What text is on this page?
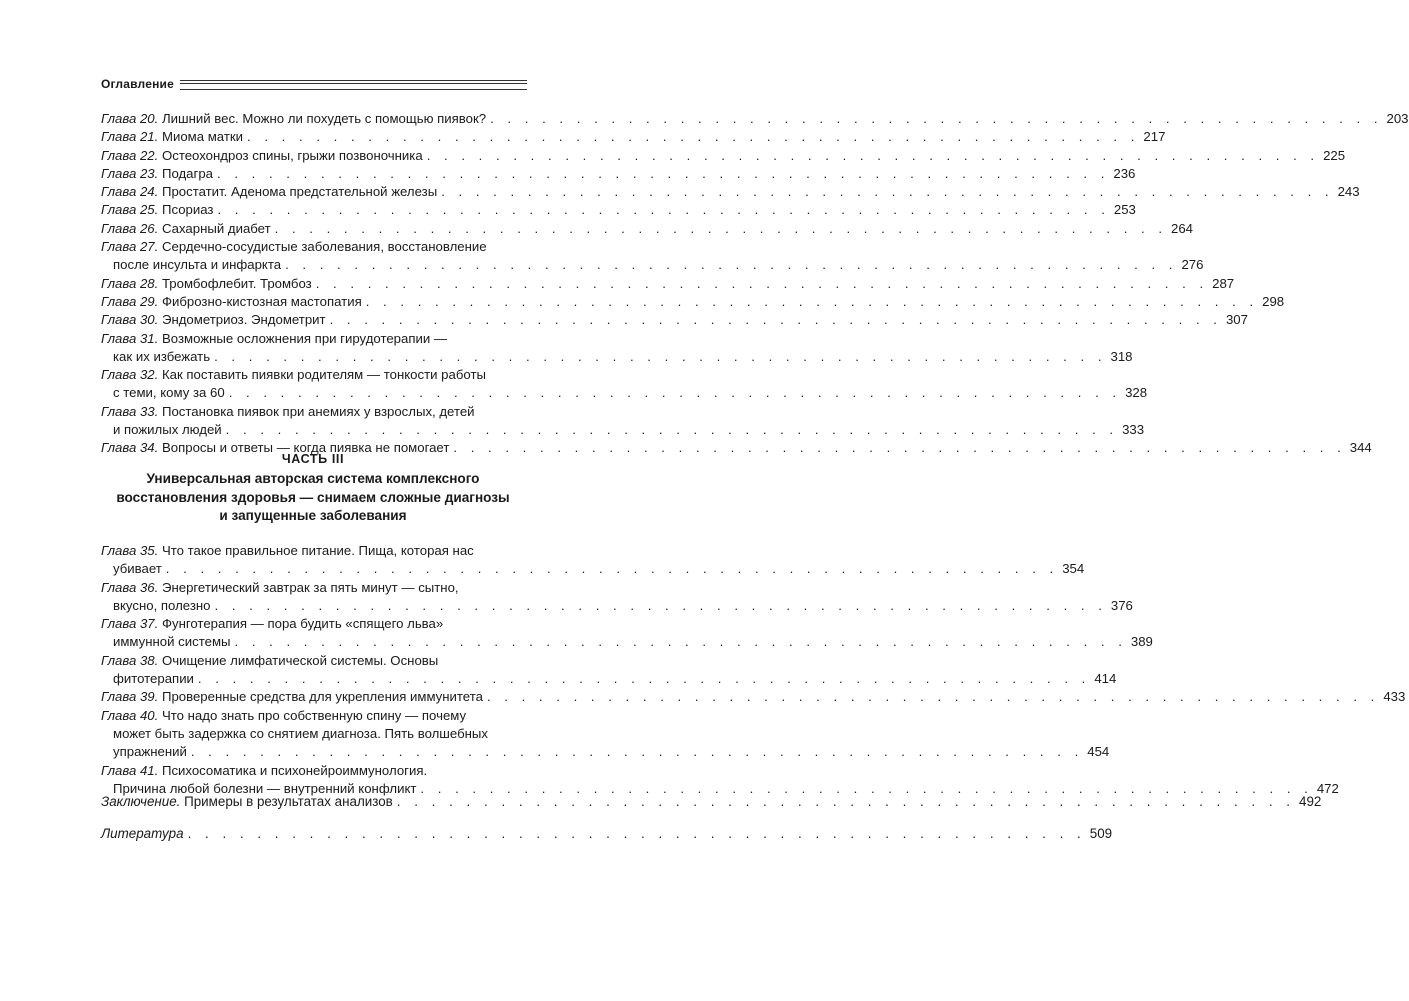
Оглавление
Глава 20. Лишний вес. Можно ли похудеть с помощью пиявок? . . . . . . . . . . . . . . . . . . . . . . . . . . . . . . . . . . . . . . . . . . . . . . . . . . . . 203
Глава 21. Миома матки . . . . . . . . . . . . . . . . . . . . . . . . . . . . . . . . . . . . . . . . . . . . . . . . . . . . 217
Глава 22. Остеохондроз спины, грыжи позвоночника . . . . . . . . . . . . . . . . . . . . . . . . . . . . . . . . . . . . . . . . . . . . . . . . . . . . 225
Глава 23. Подагра . . . . . . . . . . . . . . . . . . . . . . . . . . . . . . . . . . . . . . . . . . . . . . . . . . . . 236
Глава 24. Простатит. Аденома предстательной железы . . . . . . . . . . . . . . . . . . . . . . . . . . . . . . . . . . . . . . . . . . . . . . . . . . . . 243
Глава 25. Псориаз . . . . . . . . . . . . . . . . . . . . . . . . . . . . . . . . . . . . . . . . . . . . . . . . . . . . 253
Глава 26. Сахарный диабет . . . . . . . . . . . . . . . . . . . . . . . . . . . . . . . . . . . . . . . . . . . . . . . . . . . . 264
Глава 27. Сердечно-сосудистые заболевания, восстановление
после инсульта и инфаркта . . . . . . . . . . . . . . . . . . . . . . . . . . . . . . . . . . . . . . . . . . . . . . . . . . . . 276
Глава 28. Тромбофлебит. Тромбоз . . . . . . . . . . . . . . . . . . . . . . . . . . . . . . . . . . . . . . . . . . . . . . . . . . . . 287
Глава 29. Фиброзно-кистозная мастопатия . . . . . . . . . . . . . . . . . . . . . . . . . . . . . . . . . . . . . . . . . . . . . . . . . . . . 298
Глава 30. Эндометриоз. Эндометрит . . . . . . . . . . . . . . . . . . . . . . . . . . . . . . . . . . . . . . . . . . . . . . . . . . . . 307
Глава 31. Возможные осложнения при гирудотерапии —
как их избежать . . . . . . . . . . . . . . . . . . . . . . . . . . . . . . . . . . . . . . . . . . . . . . . . . . . . 318
Глава 32. Как поставить пиявки родителям — тонкости работы
с теми, кому за 60 . . . . . . . . . . . . . . . . . . . . . . . . . . . . . . . . . . . . . . . . . . . . . . . . . . . . 328
Глава 33. Постановка пиявок при анемиях у взрослых, детей
и пожилых людей . . . . . . . . . . . . . . . . . . . . . . . . . . . . . . . . . . . . . . . . . . . . . . . . . . . . 333
Глава 34. Вопросы и ответы — когда пиявка не помогает . . . . . . . . . . . . . . . . . . . . . . . . . . . . . . . . . . . . . . . . . . . . . . . . . . . . 344
ЧАСТЬ III
Универсальная авторская система комплексного
восстановления здоровья — снимаем сложные диагнозы
и запущенные заболевания
Глава 35. Что такое правильное питание. Пища, которая нас
убивает . . . . . . . . . . . . . . . . . . . . . . . . . . . . . . . . . . . . . . . . . . . . . . . . . . . . 354
Глава 36. Энергетический завтрак за пять минут — сытно,
вкусно, полезно . . . . . . . . . . . . . . . . . . . . . . . . . . . . . . . . . . . . . . . . . . . . . . . . . . . . 376
Глава 37. Фунготерапия — пора будить «спящего льва»
иммунной системы . . . . . . . . . . . . . . . . . . . . . . . . . . . . . . . . . . . . . . . . . . . . . . . . . . . . 389
Глава 38. Очищение лимфатической системы. Основы
фитотерапии . . . . . . . . . . . . . . . . . . . . . . . . . . . . . . . . . . . . . . . . . . . . . . . . . . . . 414
Глава 39. Проверенные средства для укрепления иммунитета . . . . . . . . . . . . . . . . . . . . . . . . . . . . . . . . . . . . . . . . . . . . . . . . . . . . 433
Глава 40. Что надо знать про собственную спину — почему
может быть задержка со снятием диагноза. Пять волшебных
упражнений . . . . . . . . . . . . . . . . . . . . . . . . . . . . . . . . . . . . . . . . . . . . . . . . . . . . 454
Глава 41. Психосоматика и психонейроиммунология.
Причина любой болезни — внутренний конфликт . . . . . . . . . . . . . . . . . . . . . . . . . . . . . . . . . . . . . . . . . . . . . . . . . . . . 472
Заключение. Примеры в результатах анализов . . . . . . . . . . . . . . . . . . . . . . . . . . . . . . . . . . . . . . . . . . . . . . . . . . . . 492
Литература . . . . . . . . . . . . . . . . . . . . . . . . . . . . . . . . . . . . . . . . . . . . . . . . . . . . 509
